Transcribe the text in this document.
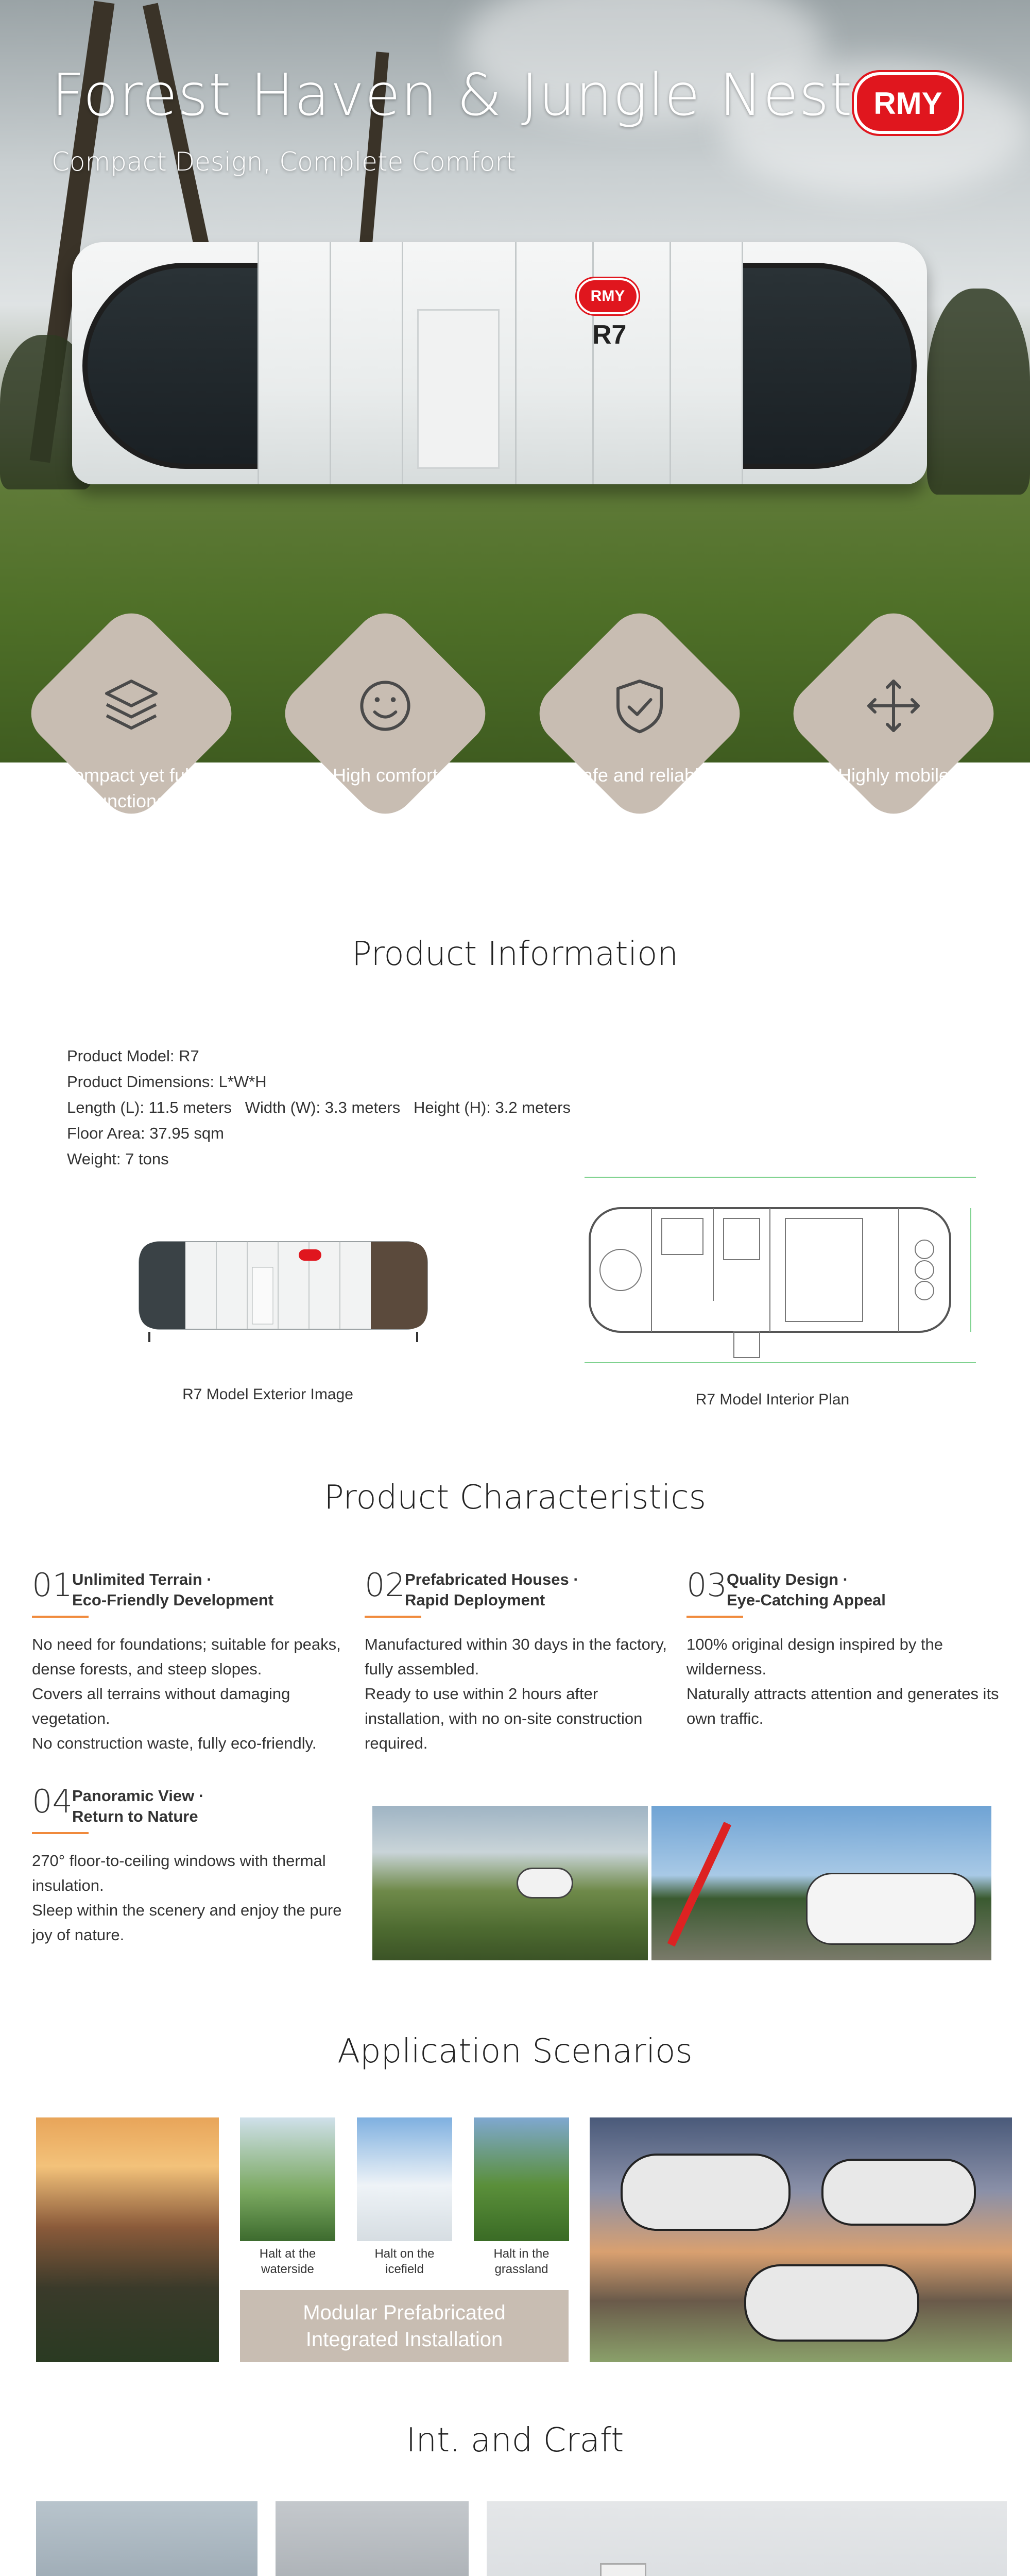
RMY
R7
Forest Haven & Jungle Nest
Compact Design, Complete Comfort
RMY
Compact yet fully functional
High comfort	Safe and reliable	Highly mobile
Product Information
Product Model: R7
Product Dimensions: L*W*H
Length (L): 11.5 meters   Width (W): 3.3 meters   Height (H): 3.2 meters
Floor Area: 37.95 sqm
Weight: 7 tons
R7 Model Exterior Image	R7 Model Interior Plan
Product Characteristics
01 Unlimited Terrain ·
Eco-Friendly Development
No need for foundations; suitable for peaks, dense forests, and steep slopes.
Covers all terrains without damaging vegetation.
No construction waste, fully eco-friendly.
02 Prefabricated Houses ·
Rapid Deployment
Manufactured within 30 days in the factory, fully assembled.
Ready to use within 2 hours after installation, with no on-site construction required.
03 Quality Design ·
Eye-Catching Appeal
100% original design inspired by the wilderness.
Naturally attracts attention and generates its own traffic.
04 Panoramic View ·
Return to Nature
270° floor-to-ceiling windows with thermal insulation.
Sleep within the scenery and enjoy the pure joy of nature.
Application Scenarios
Halt at the waterside
Halt on the icefield
Halt in the grassland
Modular Prefabricated
Integrated Installation
Int. and Craft
